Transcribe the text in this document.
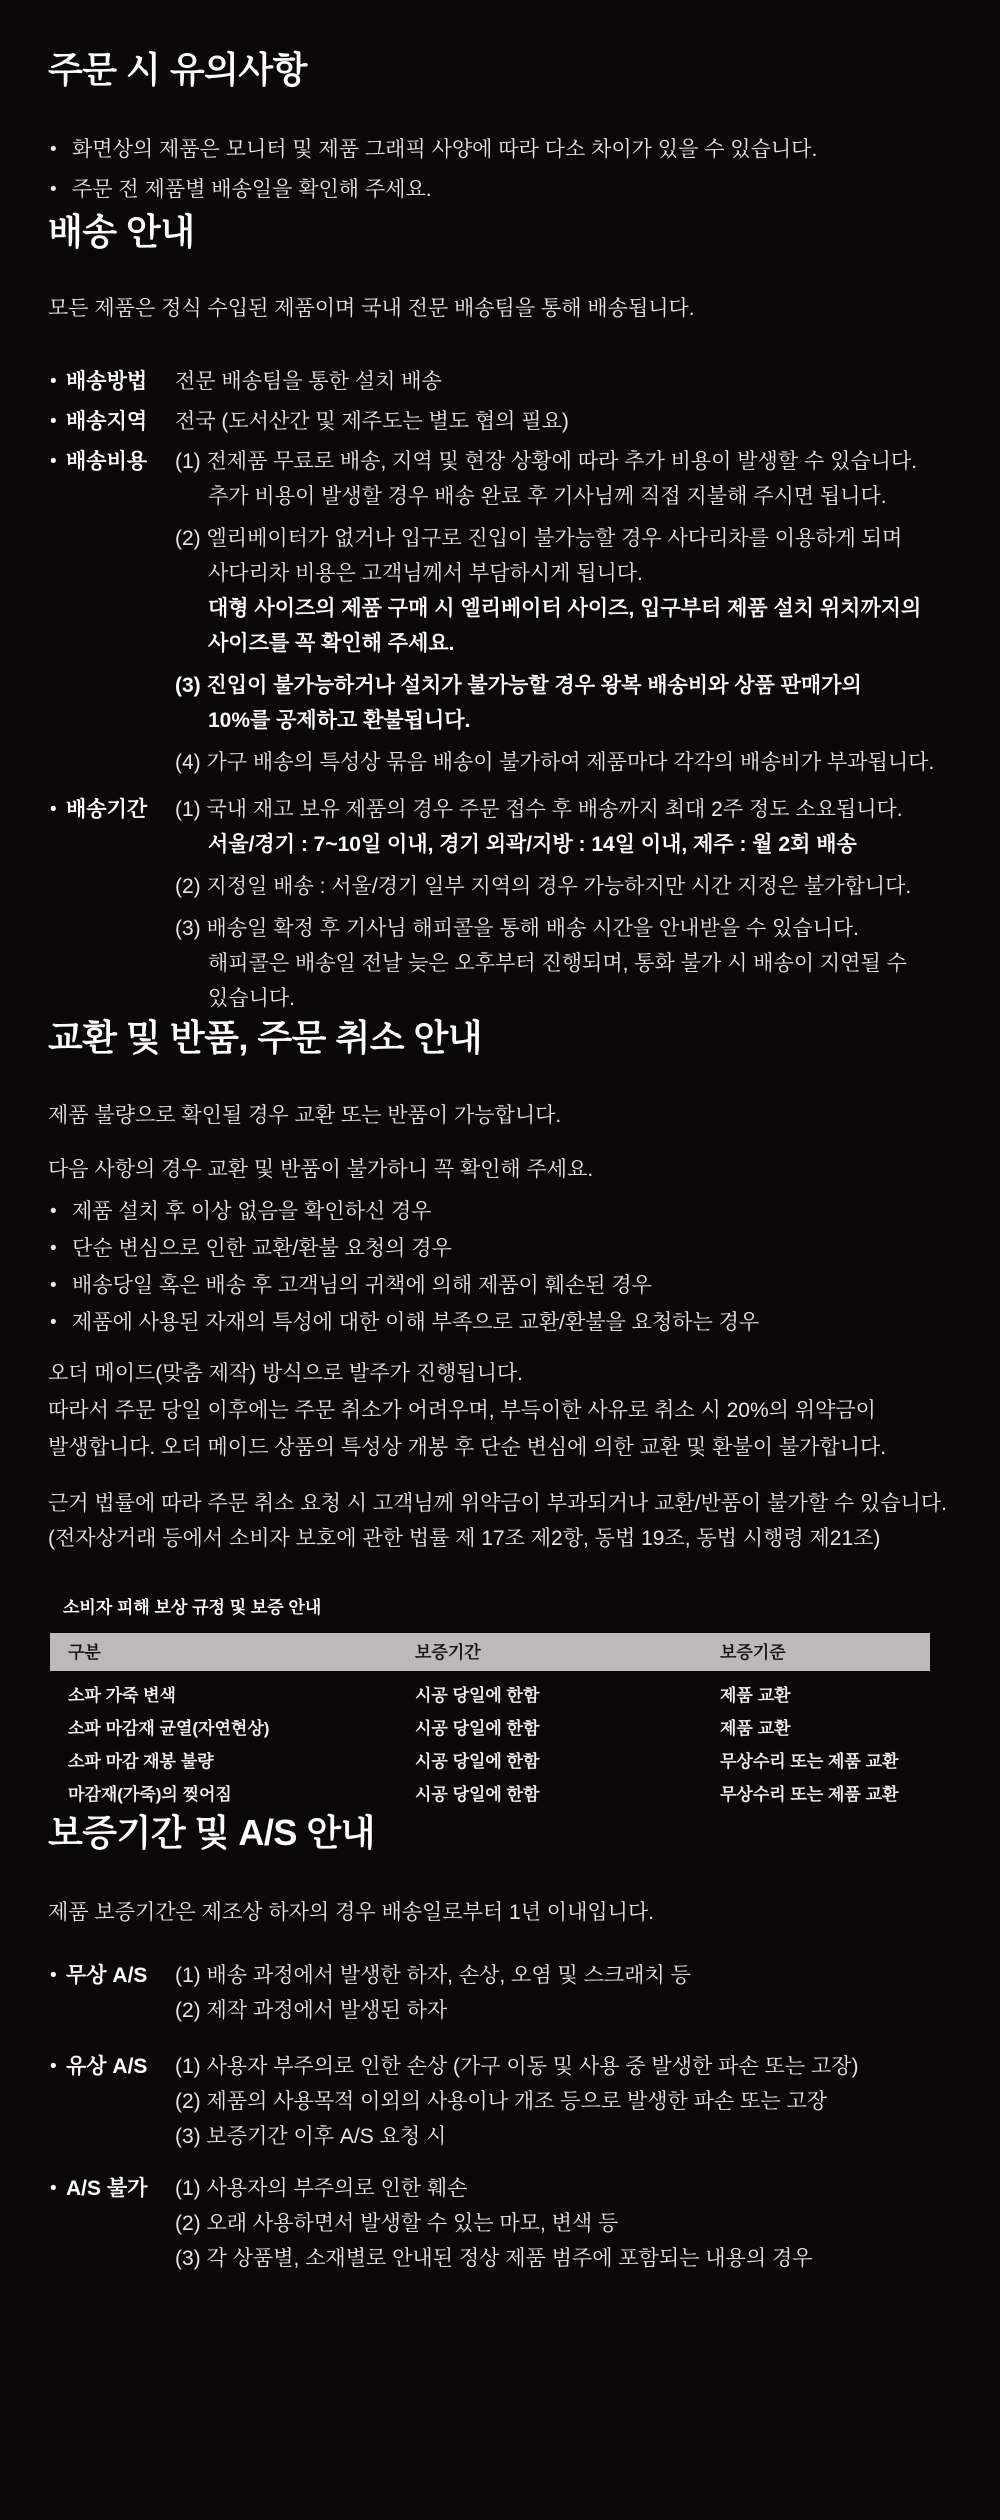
주문 시 유의사항
• 화면상의 제품은 모니터 및 제품 그래픽 사양에 따라 다소 차이가 있을 수 있습니다.
• 주문 전 제품별 배송일을 확인해 주세요.
배송 안내

모든 제품은 정식 수입된 제품이며 국내 전문 배송팀을 통해 배송됩니다.

• 배송방법 전문 배송팀을 통한 설치 배송
• 배송지역 전국 (도서산간 및 제주도는 별도 협의 필요)
• 배송비용 (1) 전제품 무료로 배송, 지역 및 현장 상황에 따라 추가 비용이 발생할 수 있습니다.
추가 비용이 발생할 경우 배송 완료 후 기사님께 직접 지불해 주시면 됩니다.
(2) 엘리베이터가 없거나 입구로 진입이 불가능할 경우 사다리차를 이용하게 되며
사다리차 비용은 고객님께서 부담하시게 됩니다.
대형 사이즈의 제품 구매 시 엘리베이터 사이즈, 입구부터 제품 설치 위치까지의
사이즈를 꼭 확인해 주세요.
(3) 진입이 불가능하거나 설치가 불가능할 경우 왕복 배송비와 상품 판매가의
10%를 공제하고 환불됩니다.
(4) 가구 배송의 특성상 묶음 배송이 불가하여 제품마다 각각의 배송비가 부과됩니다.
• 배송기간 (1) 국내 재고 보유 제품의 경우 주문 접수 후 배송까지 최대 2주 정도 소요됩니다.
서울/경기 : 7~10일 이내, 경기 외곽/지방 : 14일 이내, 제주 : 월 2회 배송
(2) 지정일 배송 : 서울/경기 일부 지역의 경우 가능하지만 시간 지정은 불가합니다.
(3) 배송일 확정 후 기사님 해피콜을 통해 배송 시간을 안내받을 수 있습니다.
해피콜은 배송일 전날 늦은 오후부터 진행되며, 통화 불가 시 배송이 지연될 수
있습니다.
교환 및 반품, 주문 취소 안내

제품 불량으로 확인될 경우 교환 또는 반품이 가능합니다.

다음 사항의 경우 교환 및 반품이 불가하니 꼭 확인해 주세요.

• 제품 설치 후 이상 없음을 확인하신 경우
• 단순 변심으로 인한 교환/환불 요청의 경우
• 배송당일 혹은 배송 후 고객님의 귀책에 의해 제품이 훼손된 경우
• 제품에 사용된 자재의 특성에 대한 이해 부족으로 교환/환불을 요청하는 경우
오더 메이드(맞춤 제작) 방식으로 발주가 진행됩니다.
따라서 주문 당일 이후에는 주문 취소가 어려우며, 부득이한 사유로 취소 시 20%의 위약금이
발생합니다. 오더 메이드 상품의 특성상 개봉 후 단순 변심에 의한 교환 및 환불이 불가합니다.
근거 법률에 따라 주문 취소 요청 시 고객님께 위약금이 부과되거나 교환/반품이 불가할 수 있습니다.
(전자상거래 등에서 소비자 보호에 관한 법률 제 17조 제2항, 동법 19조, 동법 시행령 제21조)
소비자 피해 보상 규정 및 보증 안내
구분	보증기간	보증기준
소파 가죽 변색	시공 당일에 한함	제품 교환
소파 마감재 균열(자연현상)	시공 당일에 한함	제품 교환
소파 마감 재봉 불량	시공 당일에 한함	무상수리 또는 제품 교환
마감재(가죽)의 찢어짐	시공 당일에 한함	무상수리 또는 제품 교환
보증기간 및 A/S 안내

제품 보증기간은 제조상 하자의 경우 배송일로부터 1년 이내입니다.

• 무상 A/S (1) 배송 과정에서 발생한 하자, 손상, 오염 및 스크래치 등
(2) 제작 과정에서 발생된 하자
• 유상 A/S (1) 사용자 부주의로 인한 손상 (가구 이동 및 사용 중 발생한 파손 또는 고장)
(2) 제품의 사용목적 이외의 사용이나 개조 등으로 발생한 파손 또는 고장
(3) 보증기간 이후 A/S 요청 시
• A/S 불가 (1) 사용자의 부주의로 인한 훼손
(2) 오래 사용하면서 발생할 수 있는 마모, 변색 등
(3) 각 상품별, 소재별로 안내된 정상 제품 범주에 포함되는 내용의 경우
